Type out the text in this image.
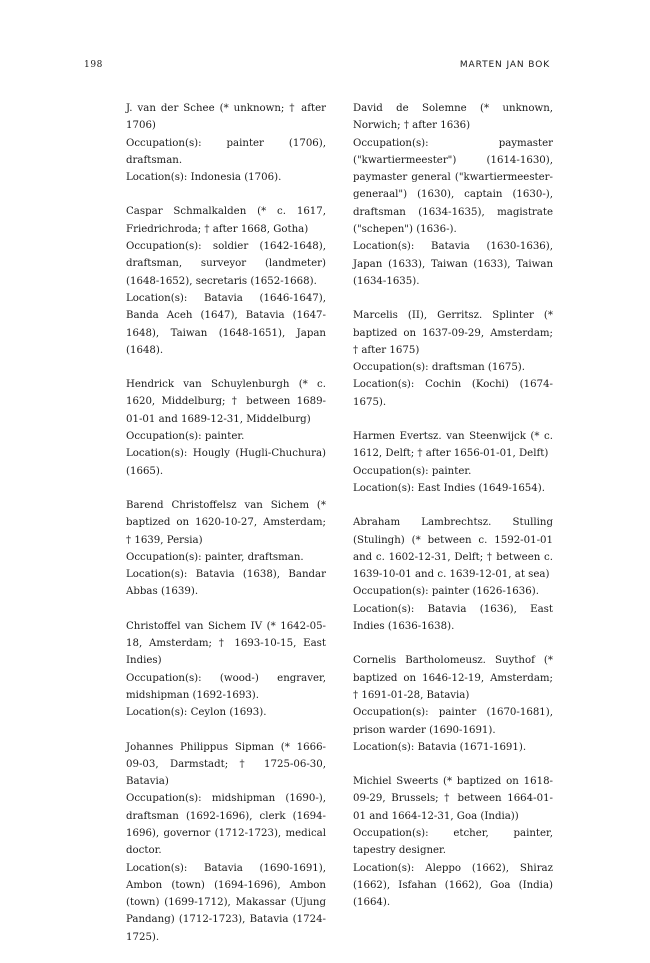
198	MARTEN JAN BOK

J. van der Schee (* unknown; † after 1706)

Occupation(s): painter (1706), draftsman.

Location(s): Indonesia (1706).

Caspar Schmalkalden (* c. 1617, Friedrichroda; † after 1668, Gotha)

Occupation(s): soldier (1642-1648), draftsman, surveyor (landmeter) (1648-1652), secretaris (1652-1668).

Location(s): Batavia (1646-1647), Banda Aceh (1647), Batavia (1647-1648), Taiwan (1648-1651), Japan (1648).

Hendrick van Schuylenburgh (* c. 1620, Middelburg; † between 1689-01-01 and 1689-12-31, Middelburg)

Occupation(s): painter.

Location(s): Hougly (Hugli-Chuchura) (1665).

Barend Christoffelsz van Sichem (* baptized on 1620-10-27, Amsterdam; † 1639, Persia)

Occupation(s): painter, draftsman.

Location(s): Batavia (1638), Bandar Abbas (1639).

Christoffel van Sichem IV (* 1642-05-18, Amsterdam; † 1693-10-15, East Indies)

Occupation(s): (wood-) engraver, midshipman (1692-1693).

Location(s): Ceylon (1693).

Johannes Philippus Sipman (* 1666-09-03, Darmstadt; † 1725-06-30, Batavia)

Occupation(s): midshipman (1690-), draftsman (1692-1696), clerk (1694-1696), governor (1712-1723), medical doctor.

Location(s): Batavia (1690-1691), Ambon (town) (1694-1696), Ambon (town) (1699-1712), Makassar (Ujung Pandang) (1712-1723), Batavia (1724-1725).

David de Solemne (* unknown, Norwich; † after 1636)

Occupation(s): paymaster ("kwartiermeester") (1614-1630), paymaster general ("kwartiermeester-generaal") (1630), captain (1630-), draftsman (1634-1635), magistrate ("schepen") (1636-).

Location(s): Batavia (1630-1636), Japan (1633), Taiwan (1633), Taiwan (1634-1635).

Marcelis (II), Gerritsz. Splinter (* baptized on 1637-09-29, Amsterdam; † after 1675)

Occupation(s): draftsman (1675).

Location(s): Cochin (Kochi) (1674-1675).

Harmen Evertsz. van Steenwijck (* c. 1612, Delft; † after 1656-01-01, Delft)

Occupation(s): painter.

Location(s): East Indies (1649-1654).

Abraham Lambrechtsz. Stulling (Stulingh) (* between c. 1592-01-01 and c. 1602-12-31, Delft; † between c. 1639-10-01 and c. 1639-12-01, at sea)

Occupation(s): painter (1626-1636).

Location(s): Batavia (1636), East Indies (1636-1638).

Cornelis Bartholomeusz. Suythof (* baptized on 1646-12-19, Amsterdam; † 1691-01-28, Batavia)

Occupation(s): painter (1670-1681), prison warder (1690-1691).

Location(s): Batavia (1671-1691).

Michiel Sweerts (* baptized on 1618-09-29, Brussels; † between 1664-01-01 and 1664-12-31, Goa (India))

Occupation(s): etcher, painter, tapestry designer.

Location(s): Aleppo (1662), Shiraz (1662), Isfahan (1662), Goa (India) (1664).
